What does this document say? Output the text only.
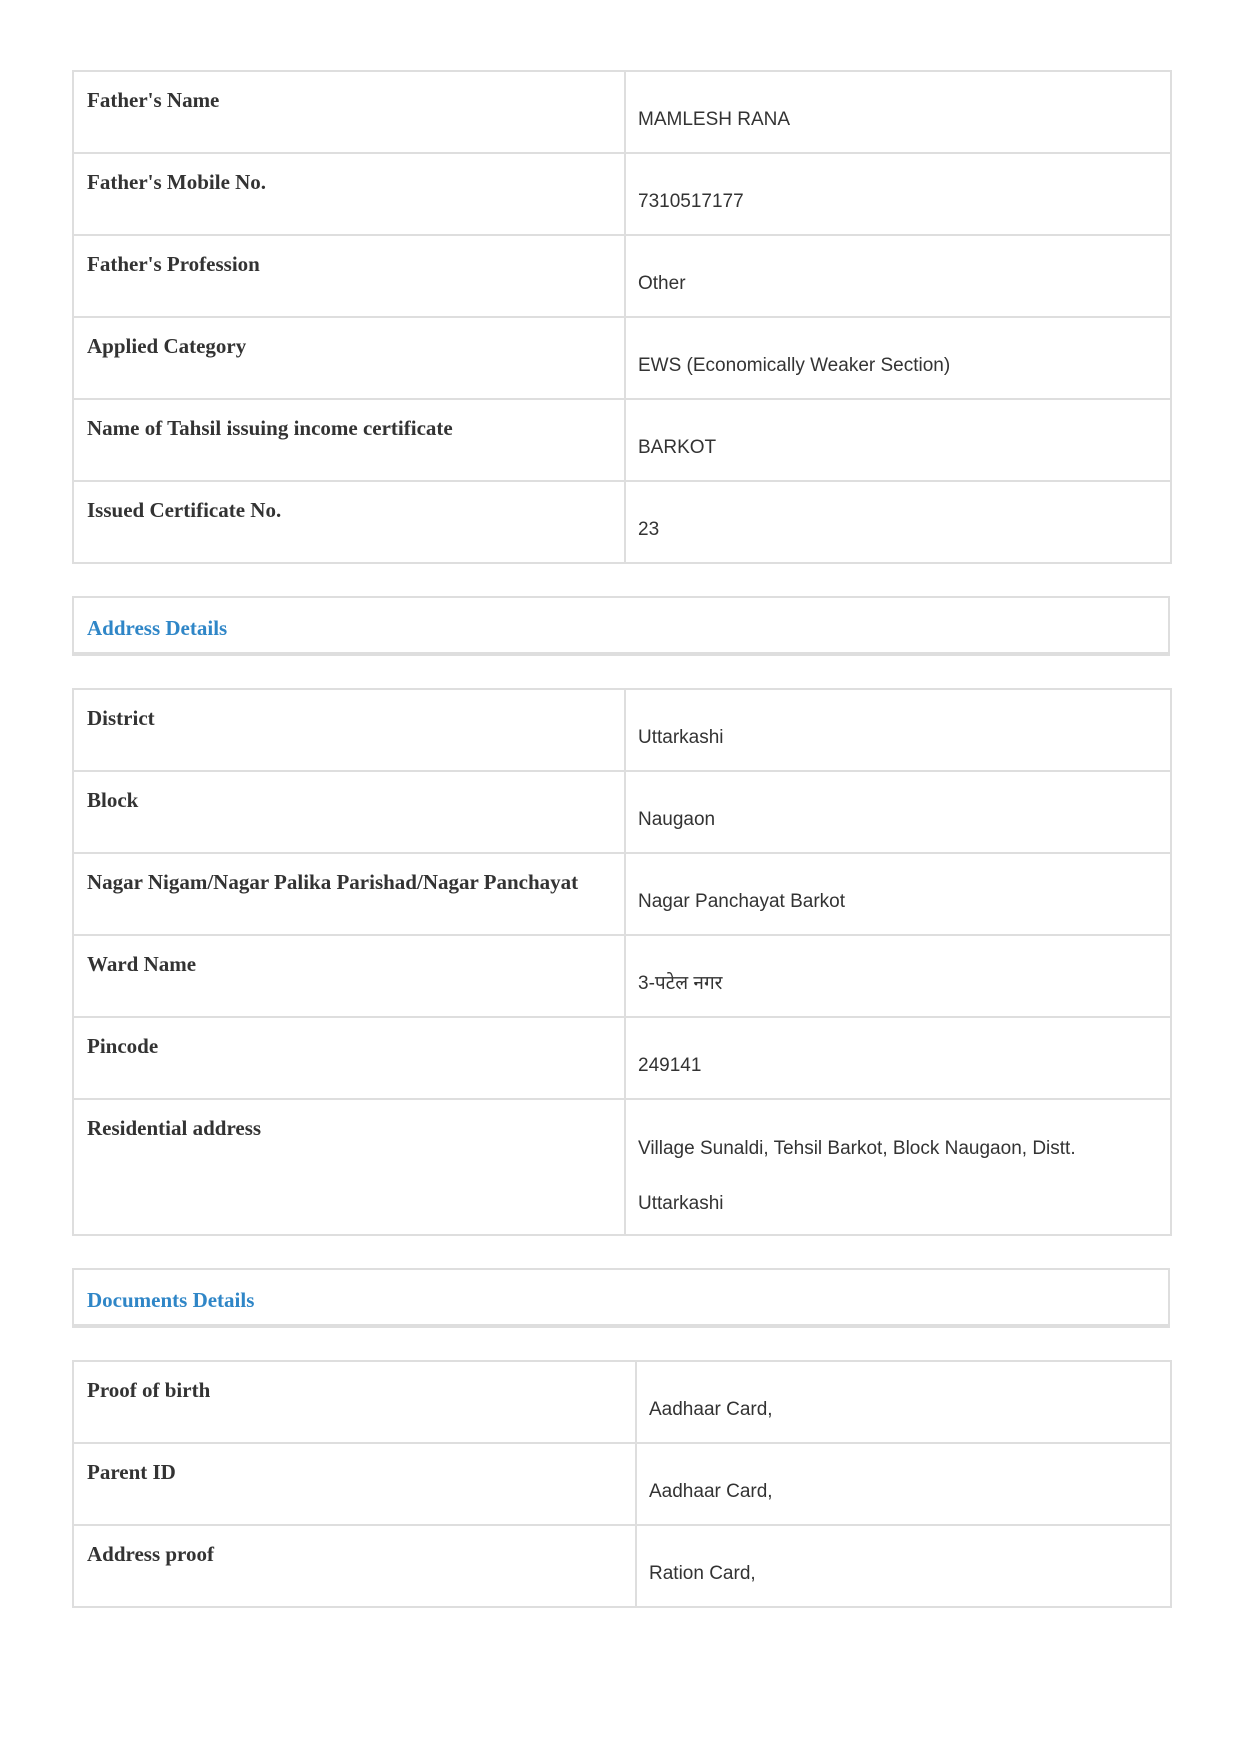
Father's Name	MAMLESH RANA

Father's Mobile No.	7310517177

Father's Profession	Other

Applied Category	EWS (Economically Weaker Section)

Name of Tahsil issuing income certificate	BARKOT

Issued Certificate No.	23
Address Details
District	Uttarkashi

Block	Naugaon

Nagar Nigam/Nagar Palika Parishad/Nagar Panchayat	Nagar Panchayat Barkot

Ward Name	3-पटेल नगर

Pincode	249141

Residential address	Village Sunaldi, Tehsil Barkot, Block Naugaon, Distt. Uttarkashi
Documents Details
Proof of birth	Aadhaar Card,

Parent ID	Aadhaar Card,

Address proof	Ration Card,
